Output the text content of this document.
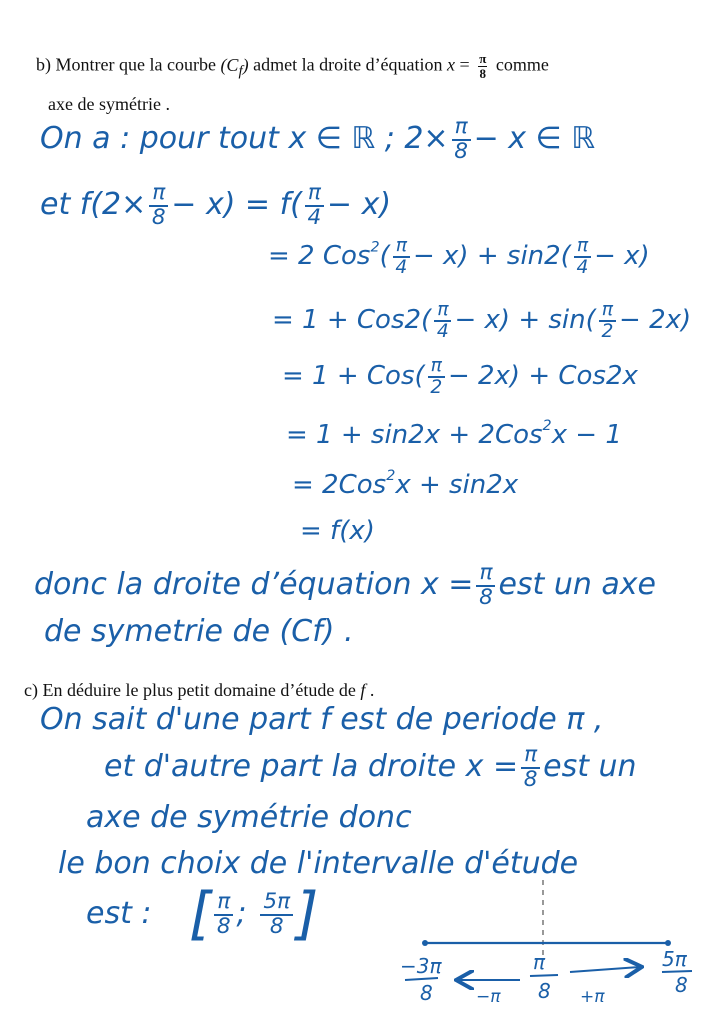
b) Montrer que la courbe $(C_f)$ admet la droite d’équation $x = \frac{\pi}{8}$ comme
axe de symétrie .
On a : pour tout x ∈ ℝ ; $2\times \frac{\pi}{8} - x$ ∈ ℝ
et $f(2\times \frac{\pi}{8} - x) = f( \frac{\pi}{4} - x)$
= 2 $Cos^2( \frac{\pi}{4} - x) + \sin 2( \frac{\pi}{4} - x)$
= $1 + Cos2( \frac{\pi}{4} - x) + \sin( \frac{\pi}{2} - 2x)$
= $1 + Cos( \frac{\pi}{2} - 2x) + Cos2x$
= 1 + sin2x + 2Cos$^2$x − 1
= 2Cos$^2$x + sin2x
= f(x)
donc la droite d’équation $x = \frac{\pi}{8}$ est un axe
de symetrie de (Cf) .
c) En déduire le plus petit domaine d’étude de f .
On sait d'une part f est de periode π ,
et d'autre part la droite $x = \frac{\pi}{8}$ est un
axe de symétrie donc
le bon choix de l'intervalle d'étude
est : [ $\frac{\pi}{8}$ ; $\frac{5\pi}{8}$ ]
−3π
8
π
8
5π
8
−π	+π
